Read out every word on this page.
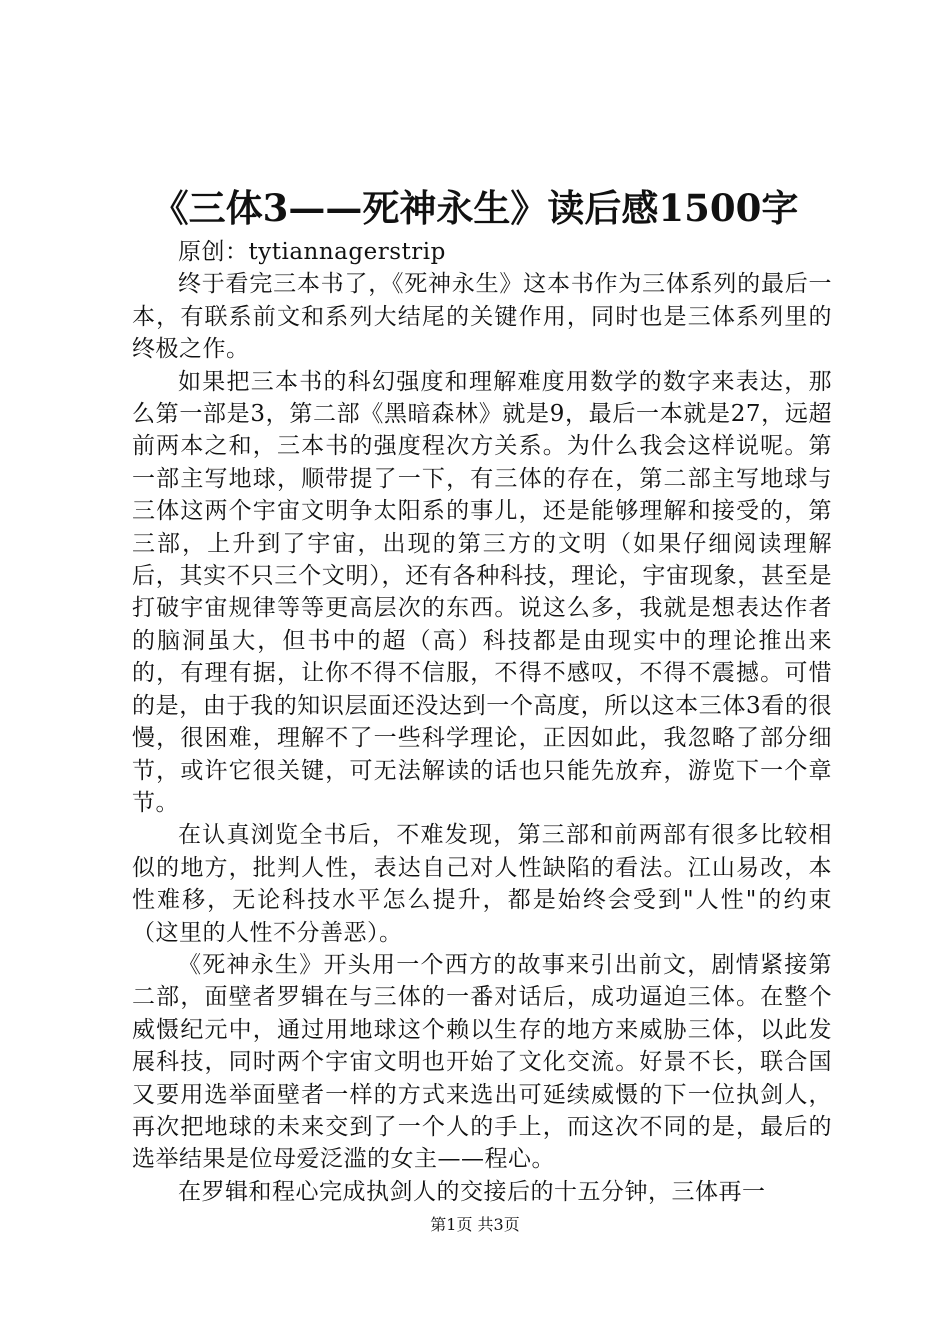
《三体3——死神永生》读后感1500字

原创：tytiannagerstrip

终于看完三本书了，《死神永生》这本书作为三体系列的最后一本，有联系前文和系列大结尾的关键作用，同时也是三体系列里的终极之作。

如果把三本书的科幻强度和理解难度用数学的数字来表达，那么第一部是3，第二部《黑暗森林》就是9，最后一本就是27，远超前两本之和，三本书的强度程次方关系。为什么我会这样说呢。第一部主写地球，顺带提了一下，有三体的存在，第二部主写地球与三体这两个宇宙文明争太阳系的事儿，还是能够理解和接受的，第三部，上升到了宇宙，出现的第三方的文明（如果仔细阅读理解后，其实不只三个文明），还有各种科技，理论，宇宙现象，甚至是打破宇宙规律等等更高层次的东西。说这么多，我就是想表达作者的脑洞虽大，但书中的超（高）科技都是由现实中的理论推出来的，有理有据，让你不得不信服，不得不感叹，不得不震撼。可惜的是，由于我的知识层面还没达到一个高度，所以这本三体3看的很慢，很困难，理解不了一些科学理论，正因如此，我忽略了部分细节，或许它很关键，可无法解读的话也只能先放弃，游览下一个章节。

在认真浏览全书后，不难发现，第三部和前两部有很多比较相似的地方，批判人性，表达自己对人性缺陷的看法。江山易改，本性难移，无论科技水平怎么提升，都是始终会受到"人性"的约束（这里的人性不分善恶）。

《死神永生》开头用一个西方的故事来引出前文，剧情紧接第二部，面壁者罗辑在与三体的一番对话后，成功逼迫三体。在整个威慑纪元中，通过用地球这个赖以生存的地方来威胁三体，以此发展科技，同时两个宇宙文明也开始了文化交流。好景不长，联合国又要用选举面壁者一样的方式来选出可延续威慑的下一位执剑人，再次把地球的未来交到了一个人的手上，而这次不同的是，最后的选举结果是位母爱泛滥的女主——程心。

在罗辑和程心完成执剑人的交接后的十五分钟，三体再一

第1页 共3页
